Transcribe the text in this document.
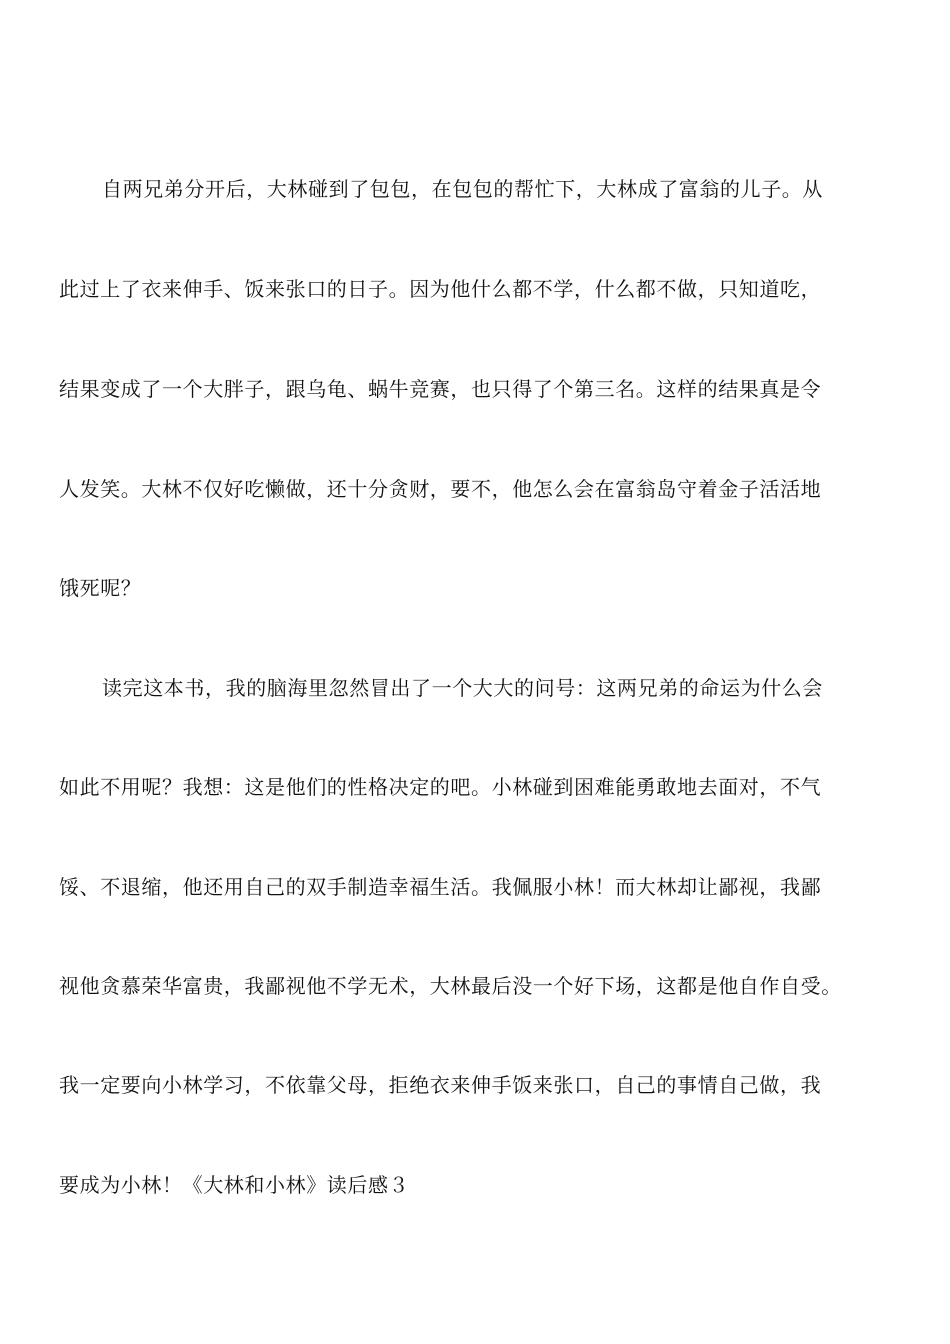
自两兄弟分开后，大林碰到了包包，在包包的帮忙下，大林成了富翁的儿子。从
此过上了衣来伸手、饭来张口的日子。因为他什么都不学，什么都不做，只知道吃，
结果变成了一个大胖子，跟乌龟、蜗牛竞赛，也只得了个第三名。这样的结果真是令
人发笑。大林不仅好吃懒做，还十分贪财，要不，他怎么会在富翁岛守着金子活活地
饿死呢？
读完这本书，我的脑海里忽然冒出了一个大大的问号：这两兄弟的命运为什么会
如此不用呢？我想：这是他们的性格决定的吧。小林碰到困难能勇敢地去面对，不气
馁、不退缩，他还用自己的双手制造幸福生活。我佩服小林！而大林却让鄙视，我鄙
视他贪慕荣华富贵，我鄙视他不学无术，大林最后没一个好下场，这都是他自作自受。
我一定要向小林学习，不依靠父母，拒绝衣来伸手饭来张口，自己的事情自己做，我
要成为小林！《大林和小林》读后感３
